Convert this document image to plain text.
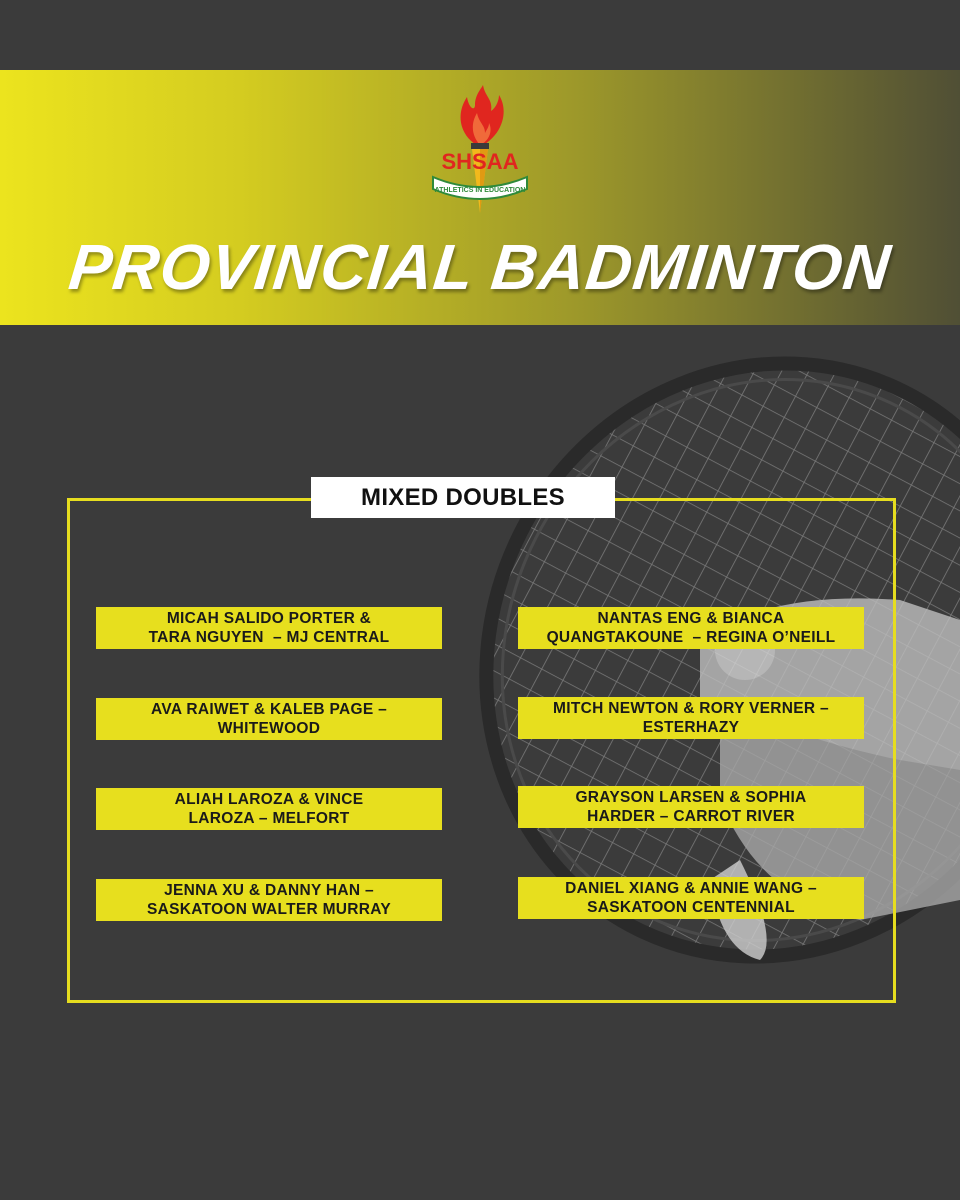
ATHLETICS IN EDUCATION
SHSAA
PROVINCIAL BADMINTON
MIXED DOUBLES
MICAH SALIDO PORTER &
TARA NGUYEN  – MJ CENTRAL
AVA RAIWET & KALEB PAGE –
WHITEWOOD
ALIAH LAROZA & VINCE
LAROZA – MELFORT
JENNA XU & DANNY HAN –
SASKATOON WALTER MURRAY
NANTAS ENG & BIANCA
QUANGTAKOUNE  – REGINA O’NEILL
MITCH NEWTON & RORY VERNER –
ESTERHAZY
GRAYSON LARSEN & SOPHIA
HARDER – CARROT RIVER
DANIEL XIANG & ANNIE WANG –
SASKATOON CENTENNIAL
